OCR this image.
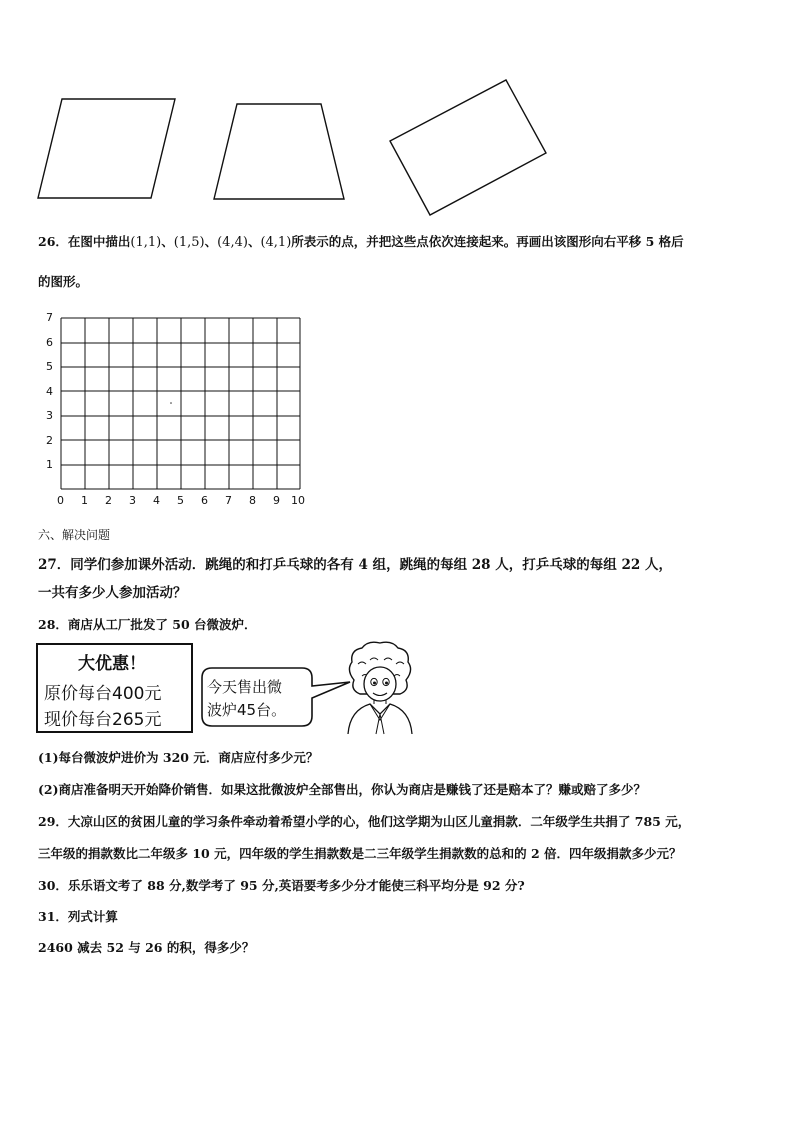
26．在图中描出(1,1)、(1,5)、(4,4)、(4,1)所表示的点，并把这些点依次连接起来。再画出该图形向右平移 5 格后
的图形。
7
6
5
4
3
2
1
0 1 2 3 4 5 6 7 8 9 10
六、解决问题
27．同学们参加课外活动．跳绳的和打乒乓球的各有 4 组，跳绳的每组 28 人，打乒乓球的每组 22 人，
一共有多少人参加活动？
28．商店从工厂批发了 50 台微波炉．
大优惠！
原价每台400元
现价每台265元
今天售出微
波炉45台。
(1)每台微波炉进价为 320 元．商店应付多少元？
(2)商店准备明天开始降价销售．如果这批微波炉全部售出，你认为商店是赚钱了还是赔本了？赚或赔了多少？
29．大凉山区的贫困儿童的学习条件牵动着希望小学的心，他们这学期为山区儿童捐款．二年级学生共捐了 785 元，
三年级的捐款数比二年级多 10 元，四年级的学生捐款数是二三年级学生捐款数的总和的 2 倍．四年级捐款多少元？
30．乐乐语文考了 88 分,数学考了 95 分,英语要考多少分才能使三科平均分是 92 分?
31．列式计算
2460 减去 52 与 26 的积，得多少？
